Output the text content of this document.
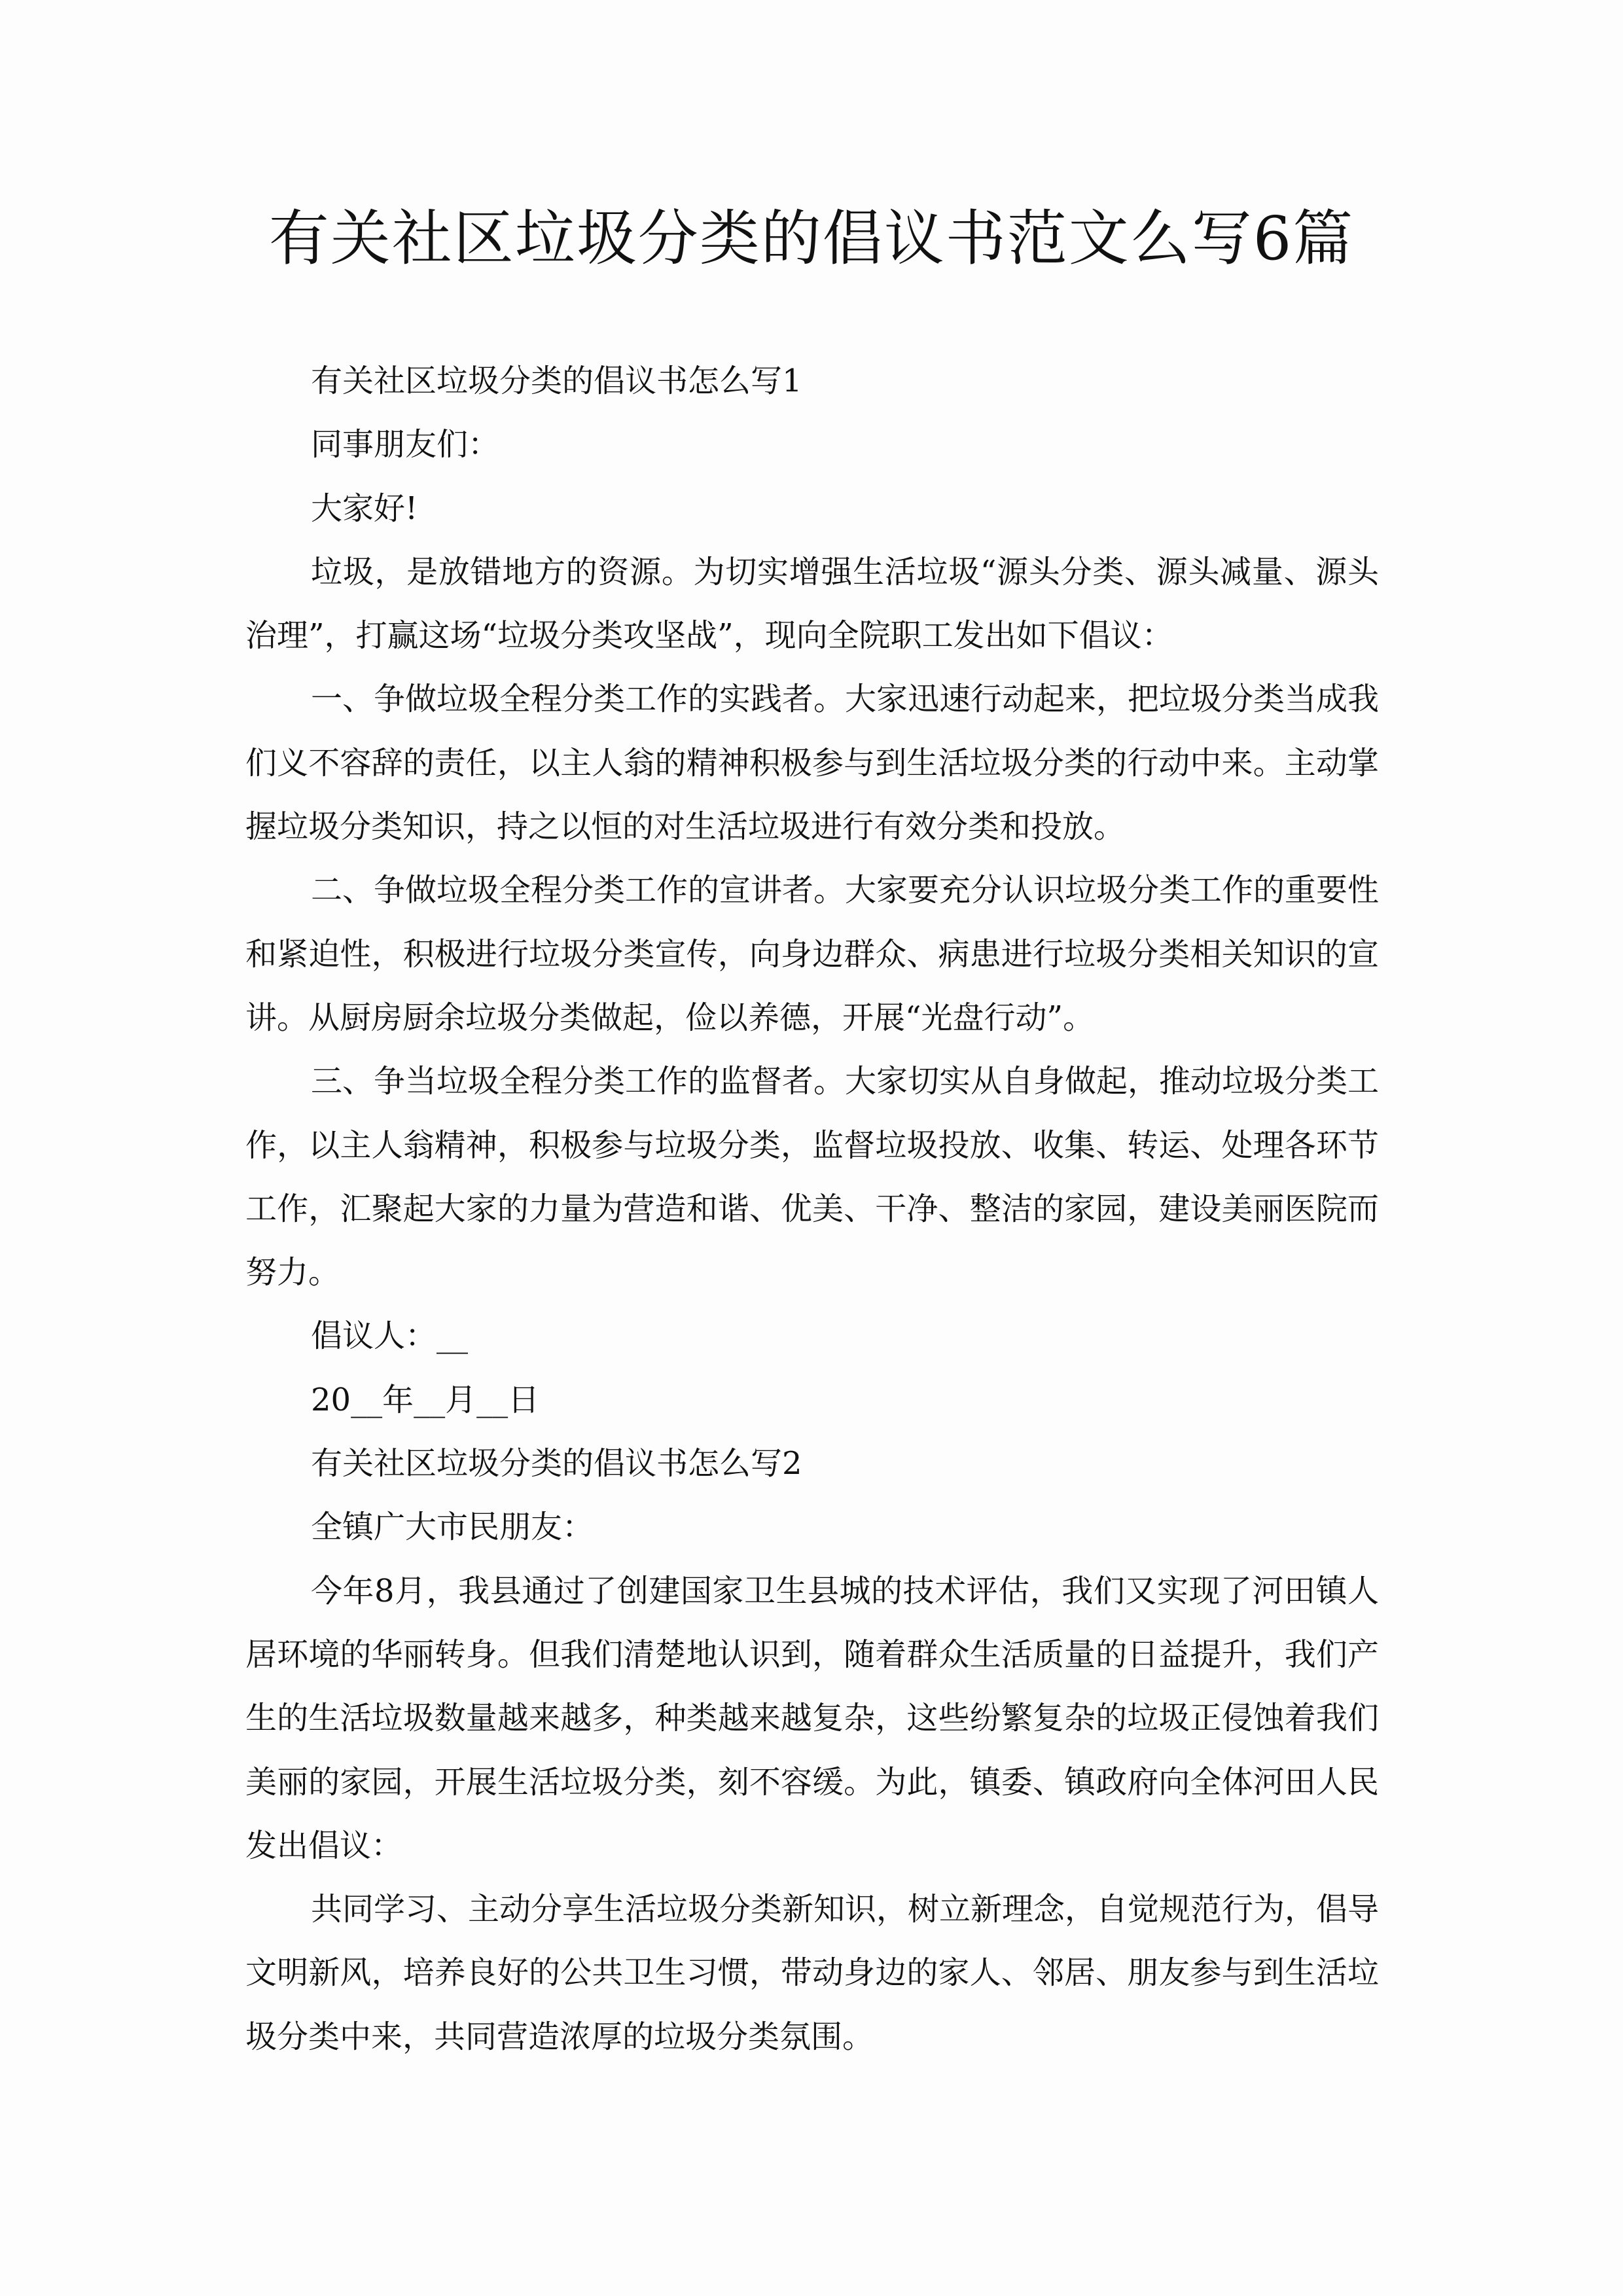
有关社区垃圾分类的倡议书范文么写6篇

有关社区垃圾分类的倡议书怎么写1

同事朋友们：

大家好!

垃圾，是放错地方的资源。为切实增强生活垃圾“源头分类、源头减量、源头治理”，打赢这场“垃圾分类攻坚战”，现向全院职工发出如下倡议：

一、争做垃圾全程分类工作的实践者。大家迅速行动起来，把垃圾分类当成我们义不容辞的责任，以主人翁的精神积极参与到生活垃圾分类的行动中来。主动掌握垃圾分类知识，持之以恒的对生活垃圾进行有效分类和投放。

二、争做垃圾全程分类工作的宣讲者。大家要充分认识垃圾分类工作的重要性和紧迫性，积极进行垃圾分类宣传，向身边群众、病患进行垃圾分类相关知识的宣讲。从厨房厨余垃圾分类做起，俭以养德，开展“光盘行动”。

三、争当垃圾全程分类工作的监督者。大家切实从自身做起，推动垃圾分类工作，以主人翁精神，积极参与垃圾分类，监督垃圾投放、收集、转运、处理各环节工作，汇聚起大家的力量为营造和谐、优美、干净、整洁的家园，建设美丽医院而努力。

倡议人：__

20__年__月__日

有关社区垃圾分类的倡议书怎么写2

全镇广大市民朋友：

今年8月，我县通过了创建国家卫生县城的技术评估，我们又实现了河田镇人居环境的华丽转身。但我们清楚地认识到，随着群众生活质量的日益提升，我们产生的生活垃圾数量越来越多，种类越来越复杂，这些纷繁复杂的垃圾正侵蚀着我们美丽的家园，开展生活垃圾分类，刻不容缓。为此，镇委、镇政府向全体河田人民发出倡议：

共同学习、主动分享生活垃圾分类新知识，树立新理念，自觉规范行为，倡导文明新风，培养良好的公共卫生习惯，带动身边的家人、邻居、朋友参与到生活垃圾分类中来，共同营造浓厚的垃圾分类氛围。
